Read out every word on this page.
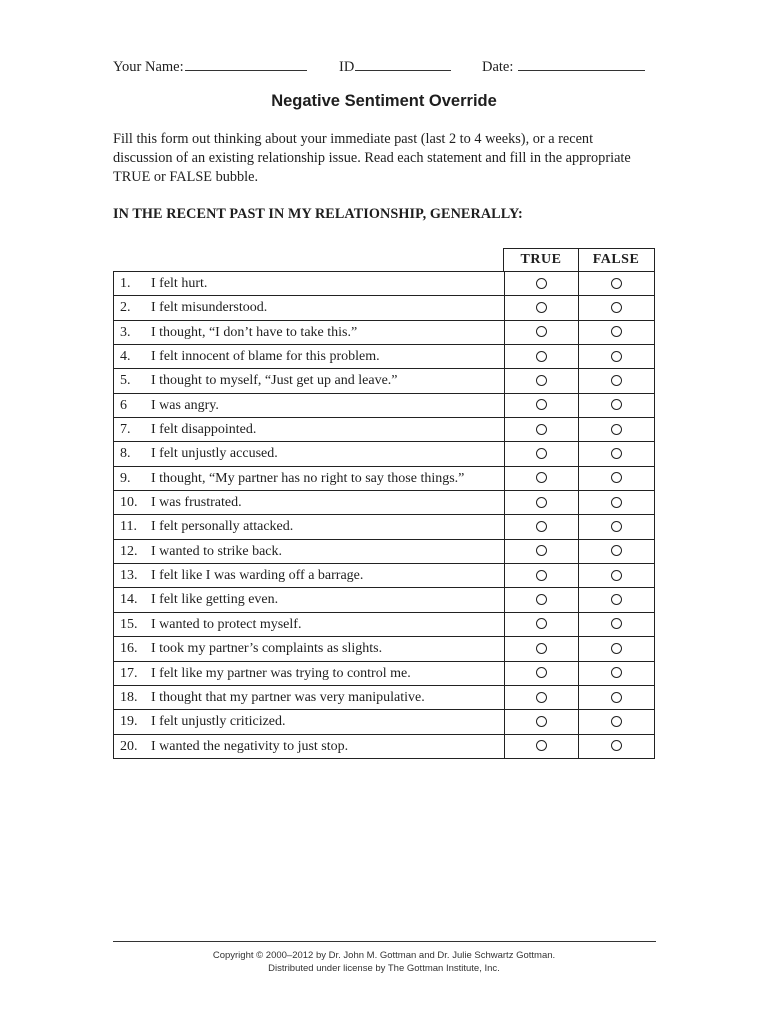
Your Name:	ID	Date:
Negative Sentiment Override
Fill this form out thinking about your immediate past (last 2 to 4 weeks), or a recent discussion of an existing relationship issue. Read each statement and fill in the appropriate TRUE or FALSE bubble.
IN THE RECENT PAST IN MY RELATIONSHIP, GENERALLY:
TRUE	FALSE
1. I felt hurt.
2. I felt misunderstood.
3. I thought, “I don’t have to take this.”
4. I felt innocent of blame for this problem.
5. I thought to myself, “Just get up and leave.”
6 I was angry.
7. I felt disappointed.
8. I felt unjustly accused.
9. I thought, “My partner has no right to say those things.”
10. I was frustrated.
11. I felt personally attacked.
12. I wanted to strike back.
13. I felt like I was warding off a barrage.
14. I felt like getting even.
15. I wanted to protect myself.
16. I took my partner’s complaints as slights.
17. I felt like my partner was trying to control me.
18. I thought that my partner was very manipulative.
19. I felt unjustly criticized.
20. I wanted the negativity to just stop.
Copyright © 2000–2012 by Dr. John M. Gottman and Dr. Julie Schwartz Gottman.
Distributed under license by The Gottman Institute, Inc.
